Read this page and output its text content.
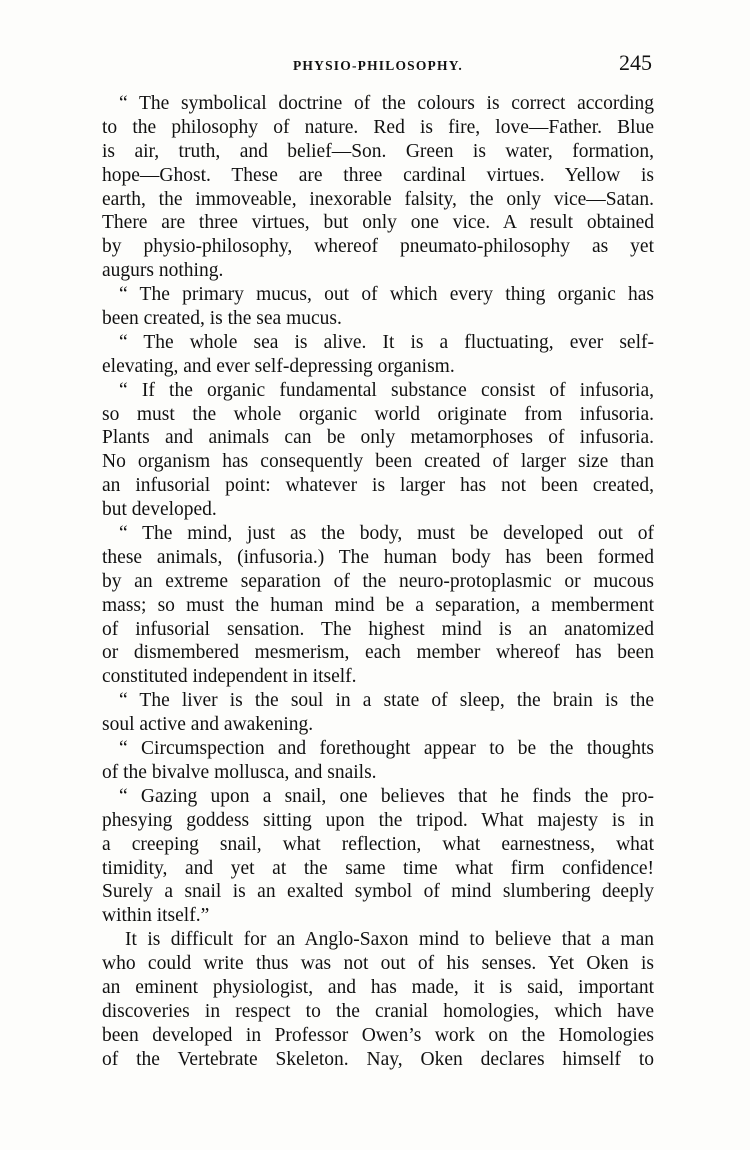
PHYSIO-PHILOSOPHY.	245
“ The symbolical doctrine of the colours is correct according
to the philosophy of nature. Red is fire, love—Father. Blue
is air, truth, and belief—Son. Green is water, formation,
hope—Ghost. These are three cardinal virtues. Yellow is
earth, the immoveable, inexorable falsity, the only vice—Satan.
There are three virtues, but only one vice. A result obtained
by physio-philosophy, whereof pneumato-philosophy as yet
augurs nothing.
“ The primary mucus, out of which every thing organic has
been created, is the sea mucus.
“ The whole sea is alive. It is a fluctuating, ever self-
elevating, and ever self-depressing organism.
“ If the organic fundamental substance consist of infusoria,
so must the whole organic world originate from infusoria.
Plants and animals can be only metamorphoses of infusoria.
No organism has consequently been created of larger size than
an infusorial point: whatever is larger has not been created,
but developed.
“ The mind, just as the body, must be developed out of
these animals, (infusoria.) The human body has been formed
by an extreme separation of the neuro-protoplasmic or mucous
mass; so must the human mind be a separation, a memberment
of infusorial sensation. The highest mind is an anatomized
or dismembered mesmerism, each member whereof has been
constituted independent in itself.
“ The liver is the soul in a state of sleep, the brain is the
soul active and awakening.
“ Circumspection and forethought appear to be the thoughts
of the bivalve mollusca, and snails.
“ Gazing upon a snail, one believes that he finds the pro-
phesying goddess sitting upon the tripod. What majesty is in
a creeping snail, what reflection, what earnestness, what
timidity, and yet at the same time what firm confidence!
Surely a snail is an exalted symbol of mind slumbering deeply
within itself.”
It is difficult for an Anglo-Saxon mind to believe that a man
who could write thus was not out of his senses. Yet Oken is
an eminent physiologist, and has made, it is said, important
discoveries in respect to the cranial homologies, which have
been developed in Professor Owen’s work on the Homologies
of the Vertebrate Skeleton. Nay, Oken declares himself to
